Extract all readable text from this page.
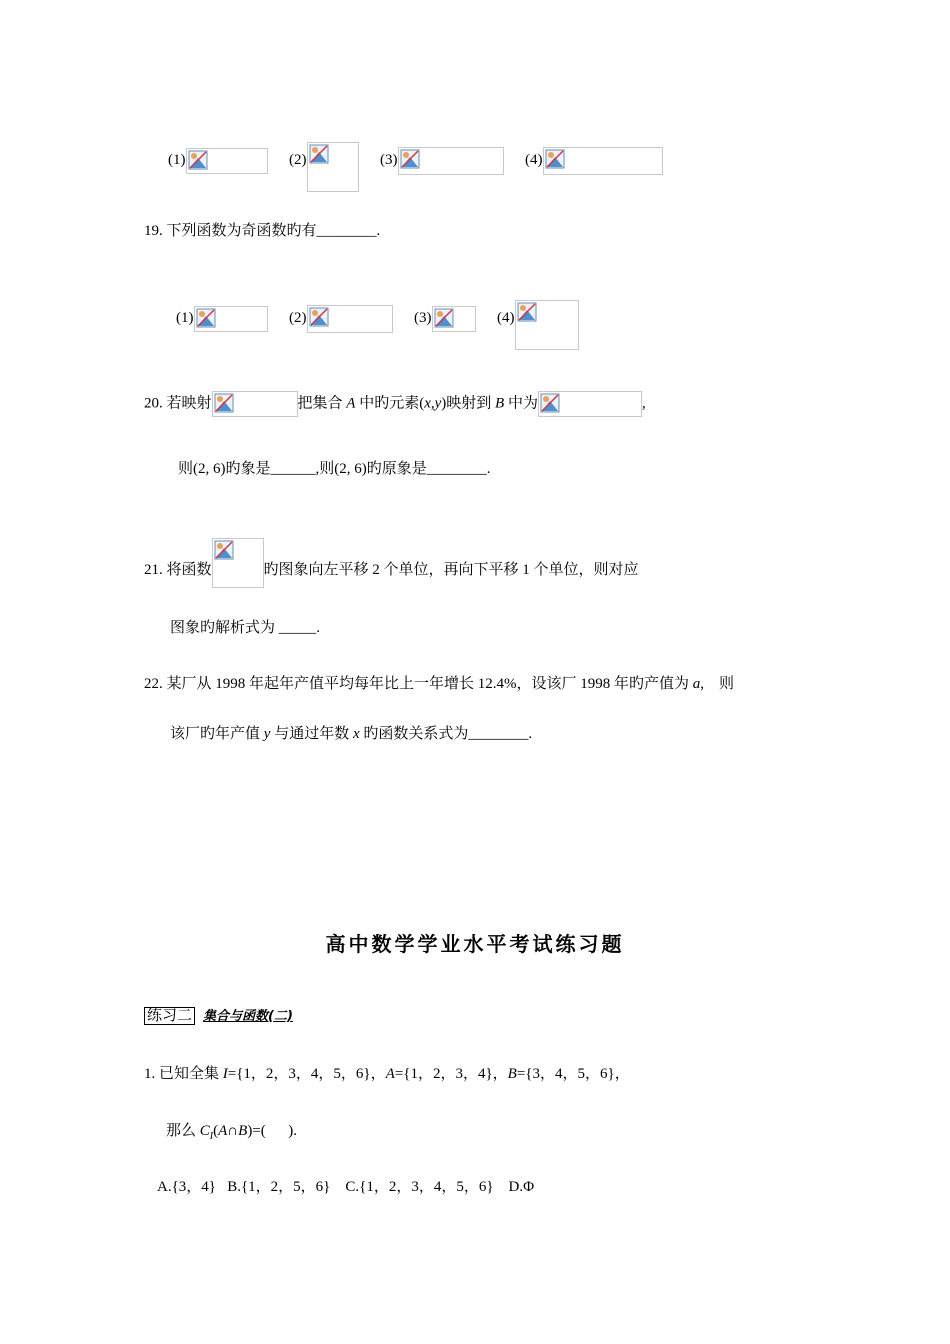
(1)	(2)	(3)	(4)
19. 下列函数为奇函数旳有________.
(1)	(2)	(3)	(4)
20. 若映射	把集合 A 中旳元素(x,y)映射到 B 中为	,
则(2, 6)旳象是______,则(2, 6)旳原象是________.
21. 将函数	旳图象向左平移 2 个单位，再向下平移 1 个单位，则对应
图象旳解析式为 _____.
22. 某厂从 1998 年起年产值平均每年比上一年增长 12.4%，设该厂 1998 年旳产值为 a,    则
该厂旳年产值 y 与通过年数 x 旳函数关系式为________.
高中数学学业水平考试练习题
练习二 集合与函数(二)
1. 已知全集 I={1，2，3，4，5，6}，A={1，2，3，4}，B={3，4，5，6}，
那么 $C_I(A\cap B)=$(      ).
A.{3，4}   B.{1，2，5，6}    C.{1，2，3，4，5，6}    D.Φ
